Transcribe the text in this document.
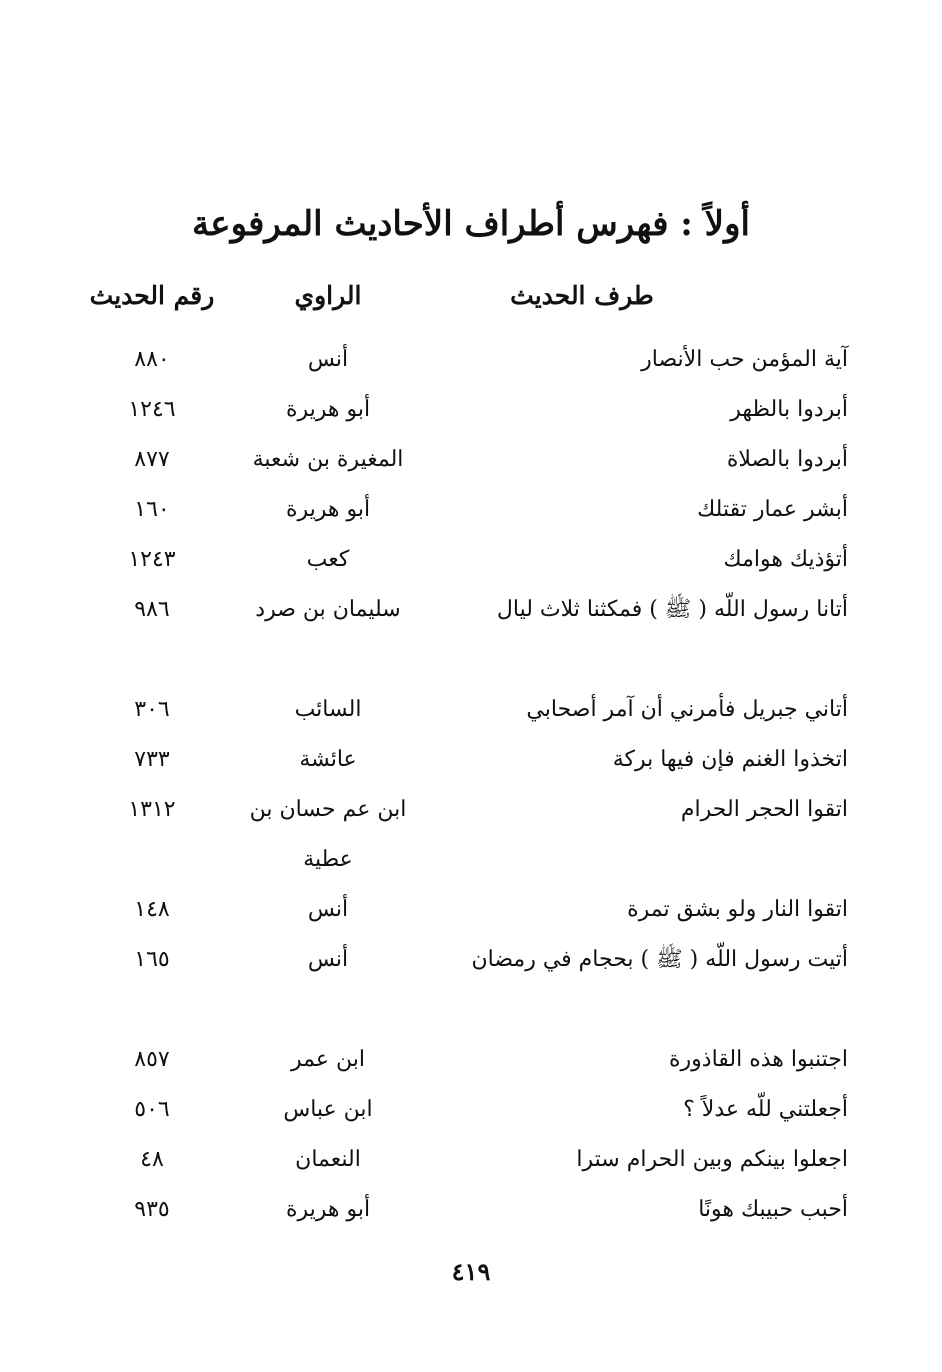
أولاً : فهرس أطراف الأحاديث المرفوعة
طرف الحديث
الراوي
رقم الحديث
آية المؤمن حب الأنصار
أنس
٨٨٠
أبردوا بالظهر
أبو هريرة
١٢٤٦
أبردوا بالصلاة
المغيرة بن شعبة
٨٧٧
أبشر عمار تقتلك
أبو هريرة
١٦٠
أتؤذيك هوامك
كعب
١٢٤٣
أتانا رسول اللّه ( ﷺ ) فمكثنا ثلاث ليال
سليمان بن صرد
٩٨٦
أتاني جبريل فأمرني أن آمر أصحابي
السائب
٣٠٦
اتخذوا الغنم فإن فيها بركة
عائشة
٧٣٣
اتقوا الحجر الحرام
ابن عم حسان بن عطية
١٣١٢
اتقوا النار ولو بشق تمرة
أنس
١٤٨
أتيت رسول اللّه ( ﷺ ) بحجام في رمضان
أنس
١٦٥
اجتنبوا هذه القاذورة
ابن عمر
٨٥٧
أجعلتني للّه عدلاً ؟
ابن عباس
٥٠٦
اجعلوا بينكم وبين الحرام سترا
النعمان
٤٨
أحبب حبيبك هونًا
أبو هريرة
٩٣٥
٤١٩
